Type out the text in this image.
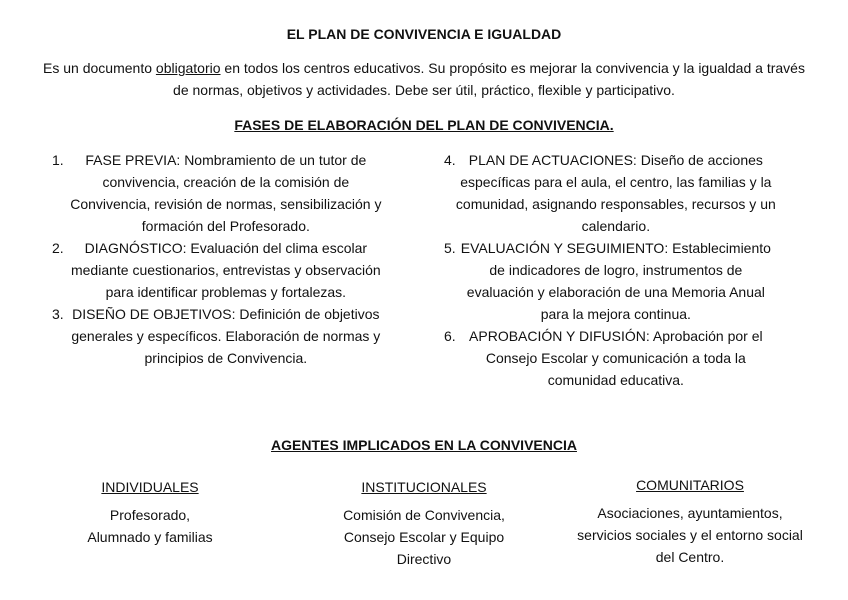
EL PLAN DE CONVIVENCIA E IGUALDAD
Es un documento obligatorio en todos los centros educativos. Su propósito es mejorar la convivencia y la igualdad a través de normas, objetivos y actividades. Debe ser útil, práctico, flexible y participativo.
FASES DE ELABORACIÓN DEL PLAN DE CONVIVENCIA.
1.	FASE PREVIA: Nombramiento de un tutor de convivencia, creación de la comisión de Convivencia, revisión de normas, sensibilización y formación del Profesorado.
2.	DIAGNÓSTICO: Evaluación del clima escolar mediante cuestionarios, entrevistas y observación para identificar problemas y fortalezas.
3. DISEÑO DE OBJETIVOS: Definición de objetivos generales y específicos. Elaboración de normas y principios de Convivencia.
4. PLAN DE ACTUACIONES: Diseño de acciones específicas para el aula, el centro, las familias y la comunidad, asignando responsables, recursos y un calendario.
5. EVALUACIÓN Y SEGUIMIENTO: Establecimiento de indicadores de logro, instrumentos de evaluación y elaboración de una Memoria Anual para la mejora continua.
6. APROBACIÓN Y DIFUSIÓN: Aprobación por el Consejo Escolar y comunicación a toda la comunidad educativa.
AGENTES IMPLICADOS EN LA CONVIVENCIA
INDIVIDUALES
Profesorado, Alumnado y familias
INSTITUCIONALES
Comisión de Convivencia, Consejo Escolar y Equipo Directivo
COMUNITARIOS
Asociaciones, ayuntamientos, servicios sociales y el entorno social del Centro.
